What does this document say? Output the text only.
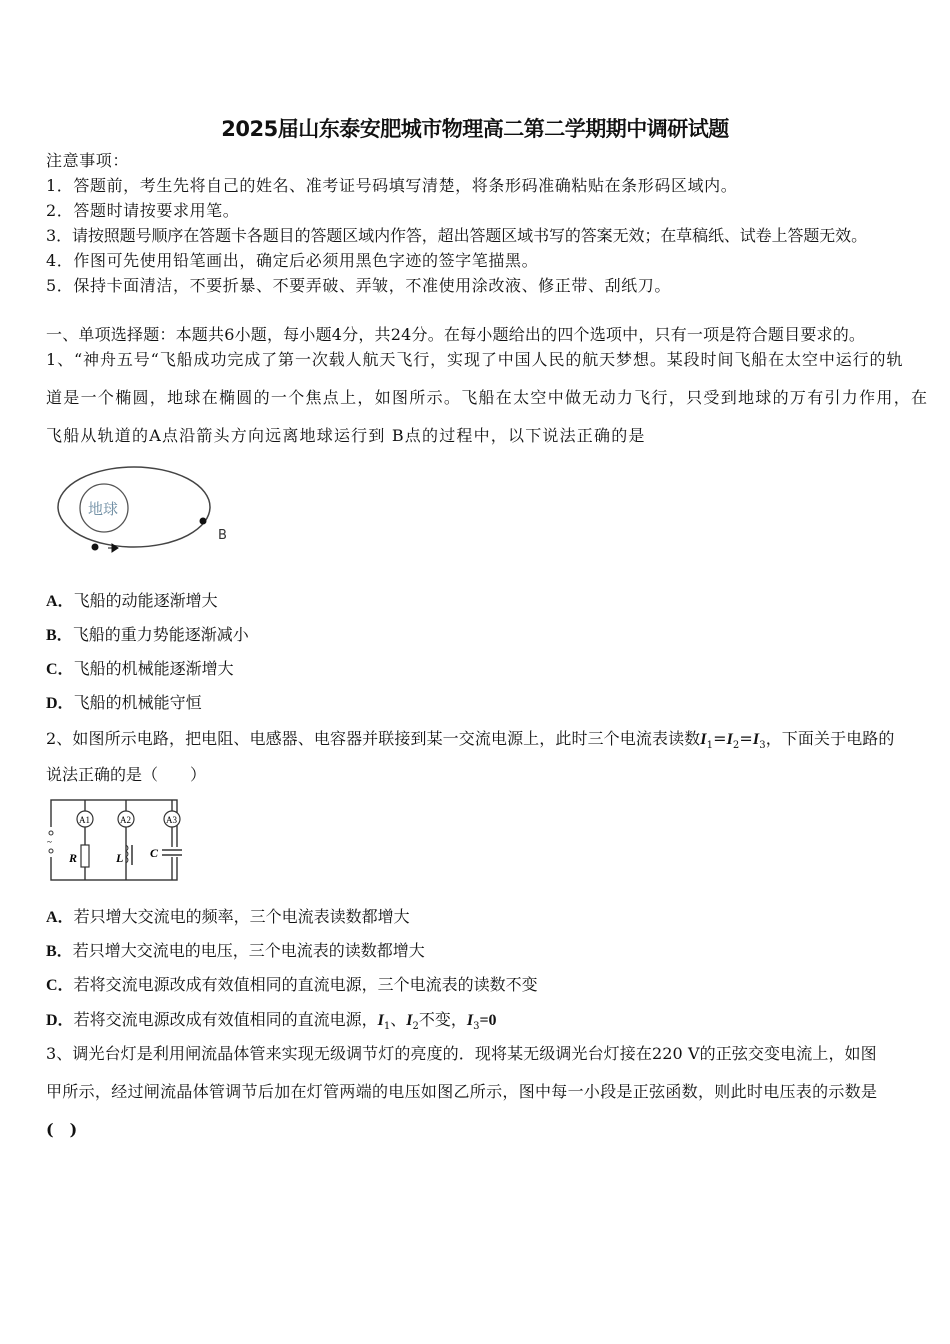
2025届山东泰安肥城市物理高二第二学期期中调研试题
注意事项：
1．答题前，考生先将自己的姓名、准考证号码填写清楚，将条形码准确粘贴在条形码区域内。
2．答题时请按要求用笔。
3．请按照题号顺序在答题卡各题目的答题区域内作答，超出答题区域书写的答案无效；在草稿纸、试卷上答题无效。
4．作图可先使用铅笔画出，确定后必须用黑色字迹的签字笔描黑。
5．保持卡面清洁，不要折暴、不要弄破、弄皱，不准使用涂改液、修正带、刮纸刀。
一、单项选择题：本题共6小题，每小题4分，共24分。在每小题给出的四个选项中，只有一项是符合题目要求的。
1、“神舟五号“飞船成功完成了第一次载人航天飞行，实现了中国人民的航天梦想。某段时间飞船在太空中运行的轨
道是一个椭圆，地球在椭圆的一个焦点上，如图所示。飞船在太空中做无动力飞行，只受到地球的万有引力作用，在
飞船从轨道的A点沿箭头方向远离地球运行到 B点的过程中，以下说法正确的是
地球
B
A．飞船的动能逐渐增大
B．飞船的重力势能逐渐减小
C．飞船的机械能逐渐增大
D．飞船的机械能守恒
2、如图所示电路，把电阻、电感器、电容器并联接到某一交流电源上，此时三个电流表读数$I_1=I_2=I_3$，下面关于电路的
说法正确的是（　　）
~
A1	A2	A3
R	L C
A．若只增大交流电的频率，三个电流表读数都增大
B．若只增大交流电的电压，三个电流表的读数都增大
C．若将交流电源改成有效值相同的直流电源，三个电流表的读数不变
D．若将交流电源改成有效值相同的直流电源，$I_1$、$I_2$不变，$I_3=0$
3、调光台灯是利用闸流晶体管来实现无级调节灯的亮度的．现将某无级调光台灯接在220 V的正弦交变电流上，如图
甲所示，经过闸流晶体管调节后加在灯管两端的电压如图乙所示，图中每一小段是正弦函数，则此时电压表的示数是
(　)
